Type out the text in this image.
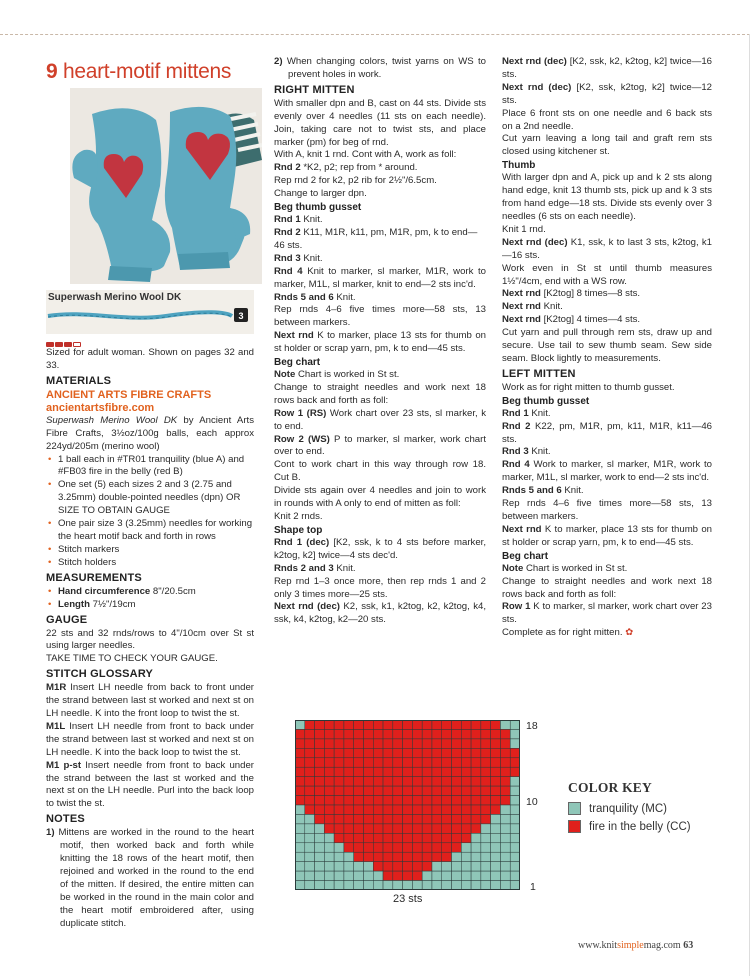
9 heart-motif mittens
Superwash Merino Wool DK
3

Sized for adult woman. Shown on pages 32 and 33.

MATERIALS
ANCIENT ARTS FIBRE CRAFTS
ancientartsfibre.com

Superwash Merino Wool DK by Ancient Arts Fibre Crafts, 3½oz/100g balls, each approx 224yd/205m (merino wool)

• 1 ball each in #TR01 tranquility (blue A) and #FB03 fire in the belly (red B)
• One set (5) each sizes 2 and 3 (2.75 and 3.25mm) double-pointed needles (dpn) OR SIZE TO OBTAIN GAUGE
• One pair size 3 (3.25mm) needles for working the heart motif back and forth in rows
• Stitch markers
• Stitch holders
MEASUREMENTS
• Hand circumference 8"/20.5cm
• Length 7½"/19cm
GAUGE

22 sts and 32 rnds/rows to 4"/10cm over St st using larger needles.

TAKE TIME TO CHECK YOUR GAUGE.

STITCH GLOSSARY

M1R Insert LH needle from back to front under the strand between last st worked and next st on LH needle. K into the front loop to twist the st.

M1L Insert LH needle from front to back under the strand between last st worked and next st on LH needle. K into the back loop to twist the st.

M1 p-st Insert needle from front to back under the strand between the last st worked and the next st on the LH needle. Purl into the back loop to twist the st.

NOTES

1) Mittens are worked in the round to the heart motif, then worked back and forth while knitting the 18 rows of the heart motif, then rejoined and worked in the round to the end of the mitten. If desired, the entire mitten can be worked in the round in the main color and the heart motif embroidered after, using duplicate stitch.

2) When changing colors, twist yarns on WS to prevent holes in work.

RIGHT MITTEN

With smaller dpn and B, cast on 44 sts. Divide sts evenly over 4 needles (11 sts on each needle). Join, taking care not to twist sts, and place marker (pm) for beg of rnd.

With A, knit 1 rnd. Cont with A, work as foll:

Rnd 2 *K2, p2; rep from * around.

Rep rnd 2 for k2, p2 rib for 2½"/6.5cm.

Change to larger dpn.

Beg thumb gusset

Rnd 1 Knit.

Rnd 2 K11, M1R, k11, pm, M1R, pm, k to end—46 sts.

Rnd 3 Knit.

Rnd 4 Knit to marker, sl marker, M1R, work to marker, M1L, sl marker, knit to end—2 sts inc'd.

Rnds 5 and 6 Knit.

Rep rnds 4–6 five times more—58 sts, 13 between markers.

Next rnd K to marker, place 13 sts for thumb on st holder or scrap yarn, pm, k to end—45 sts.

Beg chart

Note Chart is worked in St st.

Change to straight needles and work next 18 rows back and forth as foll:

Row 1 (RS) Work chart over 23 sts, sl marker, k to end.

Row 2 (WS) P to marker, sl marker, work chart over to end.

Cont to work chart in this way through row 18. Cut B.

Divide sts again over 4 needles and join to work in rounds with A only to end of mitten as foll:

Knit 2 rnds.

Shape top

Rnd 1 (dec) [K2, ssk, k to 4 sts before marker, k2tog, k2] twice—4 sts dec'd.

Rnds 2 and 3 Knit.

Rep rnd 1–3 once more, then rep rnds 1 and 2 only 3 times more—25 sts.

Next rnd (dec) K2, ssk, k1, k2tog, k2, k2tog, k4, ssk, k4, k2tog, k2—20 sts.

Next rnd (dec) [K2, ssk, k2, k2tog, k2] twice—16 sts.

Next rnd (dec) [K2, ssk, k2tog, k2] twice—12 sts.

Place 6 front sts on one needle and 6 back sts on a 2nd needle.

Cut yarn leaving a long tail and graft rem sts closed using kitchener st.

Thumb

With larger dpn and A, pick up and k 2 sts along hand edge, knit 13 thumb sts, pick up and k 3 sts from hand edge—18 sts. Divide sts evenly over 3 needles (6 sts on each needle).

Knit 1 rnd.

Next rnd (dec) K1, ssk, k to last 3 sts, k2tog, k1—16 sts.

Work even in St st until thumb measures 1½"/4cm, end with a WS row.

Next rnd [K2tog] 8 times—8 sts.

Next rnd Knit.

Next rnd [K2tog] 4 times—4 sts.

Cut yarn and pull through rem sts, draw up and secure. Use tail to sew thumb seam. Sew side seam. Block lightly to measurements.

LEFT MITTEN

Work as for right mitten to thumb gusset.

Beg thumb gusset

Rnd 1 Knit.

Rnd 2 K22, pm, M1R, pm, k11, M1R, k11—46 sts.

Rnd 3 Knit.

Rnd 4 Work to marker, sl marker, M1R, work to marker, M1L, sl marker, work to end—2 sts inc'd.

Rnds 5 and 6 Knit.

Rep rnds 4–6 five times more—58 sts, 13 between markers.

Next rnd K to marker, place 13 sts for thumb on st holder or scrap yarn, pm, k to end—45 sts.

Beg chart

Note Chart is worked in St st.

Change to straight needles and work next 18 rows back and forth as foll:

Row 1 K to marker, sl marker, work chart over 23 sts.

Complete as for right mitten. ✿

18
10
1
23 sts
COLOR KEY
tranquility (MC)
fire in the belly (CC)
www.knitsimplemag.com 63
